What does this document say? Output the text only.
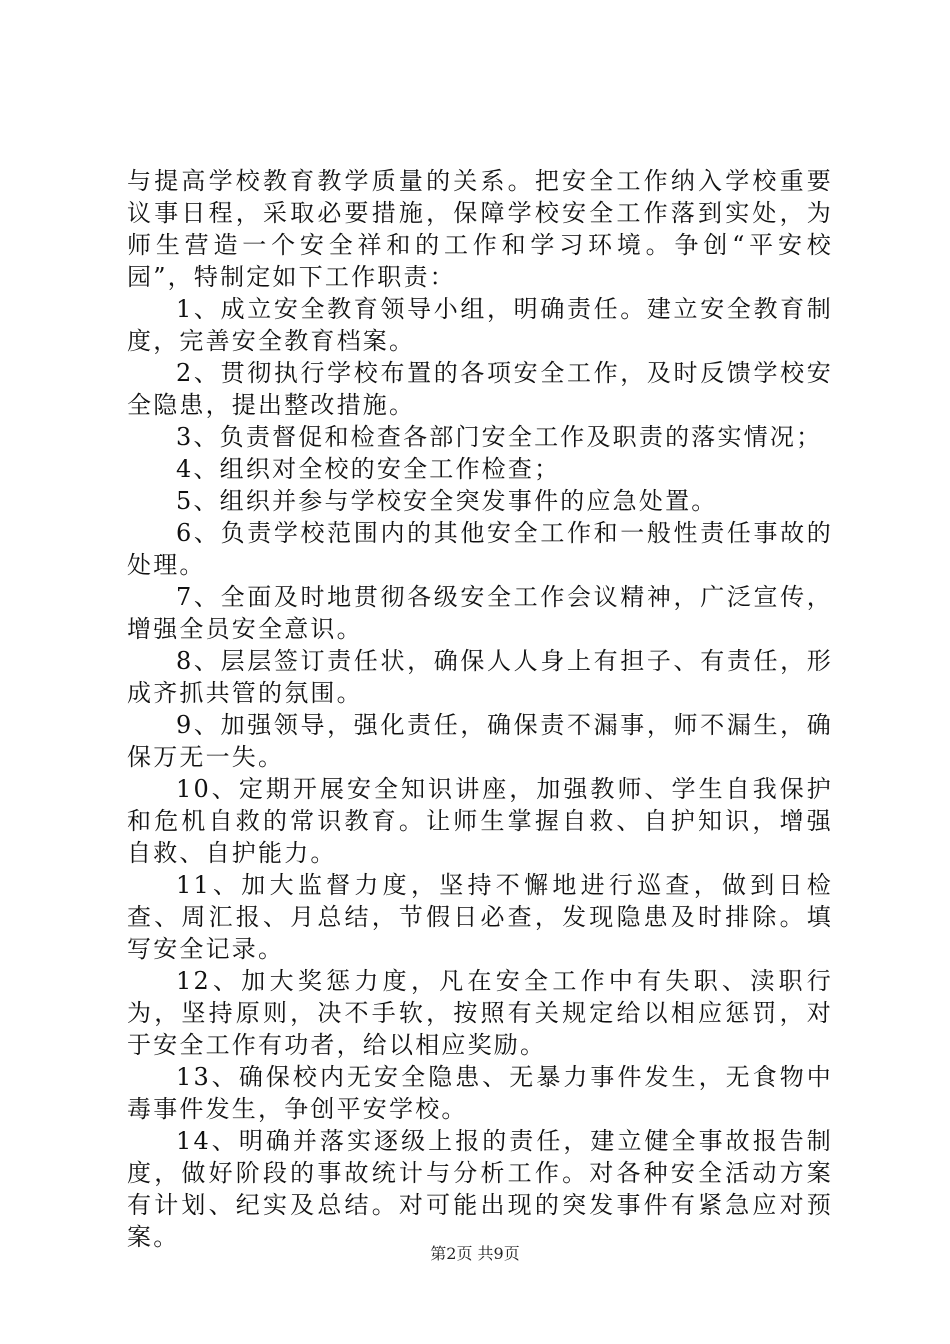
与提高学校教育教学质量的关系。把安全工作纳入学校重要议事日程，采取必要措施，保障学校安全工作落到实处，为师生营造一个安全祥和的工作和学习环境。争创“平安校园”，特制定如下工作职责：

1、成立安全教育领导小组，明确责任。建立安全教育制度，完善安全教育档案。

2、贯彻执行学校布置的各项安全工作，及时反馈学校安全隐患，提出整改措施。

3、负责督促和检查各部门安全工作及职责的落实情况；

4、组织对全校的安全工作检查；

5、组织并参与学校安全突发事件的应急处置。

6、负责学校范围内的其他安全工作和一般性责任事故的处理。

7、全面及时地贯彻各级安全工作会议精神，广泛宣传，增强全员安全意识。

8、层层签订责任状，确保人人身上有担子、有责任，形成齐抓共管的氛围。

9、加强领导，强化责任，确保责不漏事，师不漏生，确保万无一失。

10、定期开展安全知识讲座，加强教师、学生自我保护和危机自救的常识教育。让师生掌握自救、自护知识，增强自救、自护能力。

11、加大监督力度，坚持不懈地进行巡查，做到日检查、周汇报、月总结，节假日必查，发现隐患及时排除。填写安全记录。

12、加大奖惩力度，凡在安全工作中有失职、渎职行为，坚持原则，决不手软，按照有关规定给以相应惩罚，对于安全工作有功者，给以相应奖励。

13、确保校内无安全隐患、无暴力事件发生，无食物中毒事件发生，争创平安学校。

14、明确并落实逐级上报的责任，建立健全事故报告制度，做好阶段的事故统计与分析工作。对各种安全活动方案有计划、纪实及总结。对可能出现的突发事件有紧急应对预案。

第2页 共9页
